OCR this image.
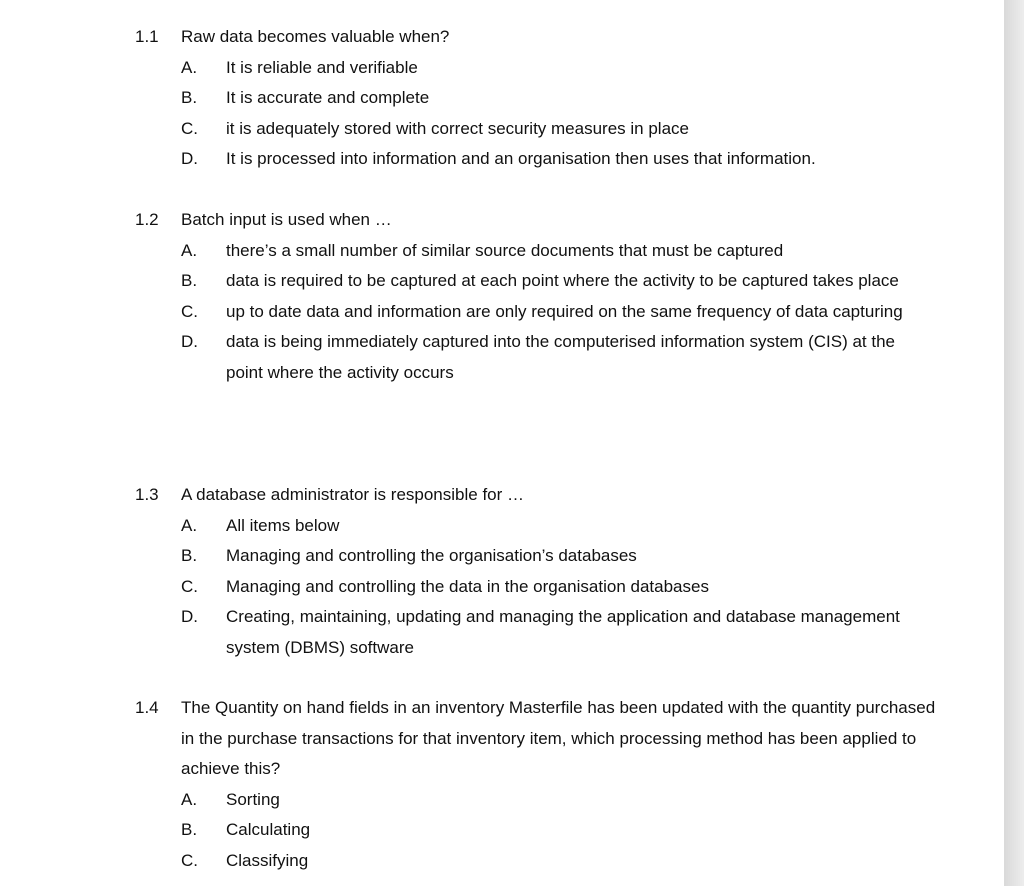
1.1 Raw data becomes valuable when?
A. It is reliable and verifiable
B. It is accurate and complete
C. it is adequately stored with correct security measures in place
D. It is processed into information and an organisation then uses that information.
1.2 Batch input is used when …
A. there’s a small number of similar source documents that must be captured
B. data is required to be captured at each point where the activity to be captured takes place
C. up to date data and information are only required on the same frequency of data capturing
D. data is being immediately captured into the computerised information system (CIS) at the point where the activity occurs
1.3 A database administrator is responsible for …
A. All items below
B. Managing and controlling the organisation’s databases
C. Managing and controlling the data in the organisation databases
D. Creating, maintaining, updating and managing the application and database management system (DBMS) software
1.4 The Quantity on hand fields in an inventory Masterfile has been updated with the quantity purchased in the purchase transactions for that inventory item, which processing method has been applied to achieve this?
A. Sorting
B. Calculating
C. Classifying
